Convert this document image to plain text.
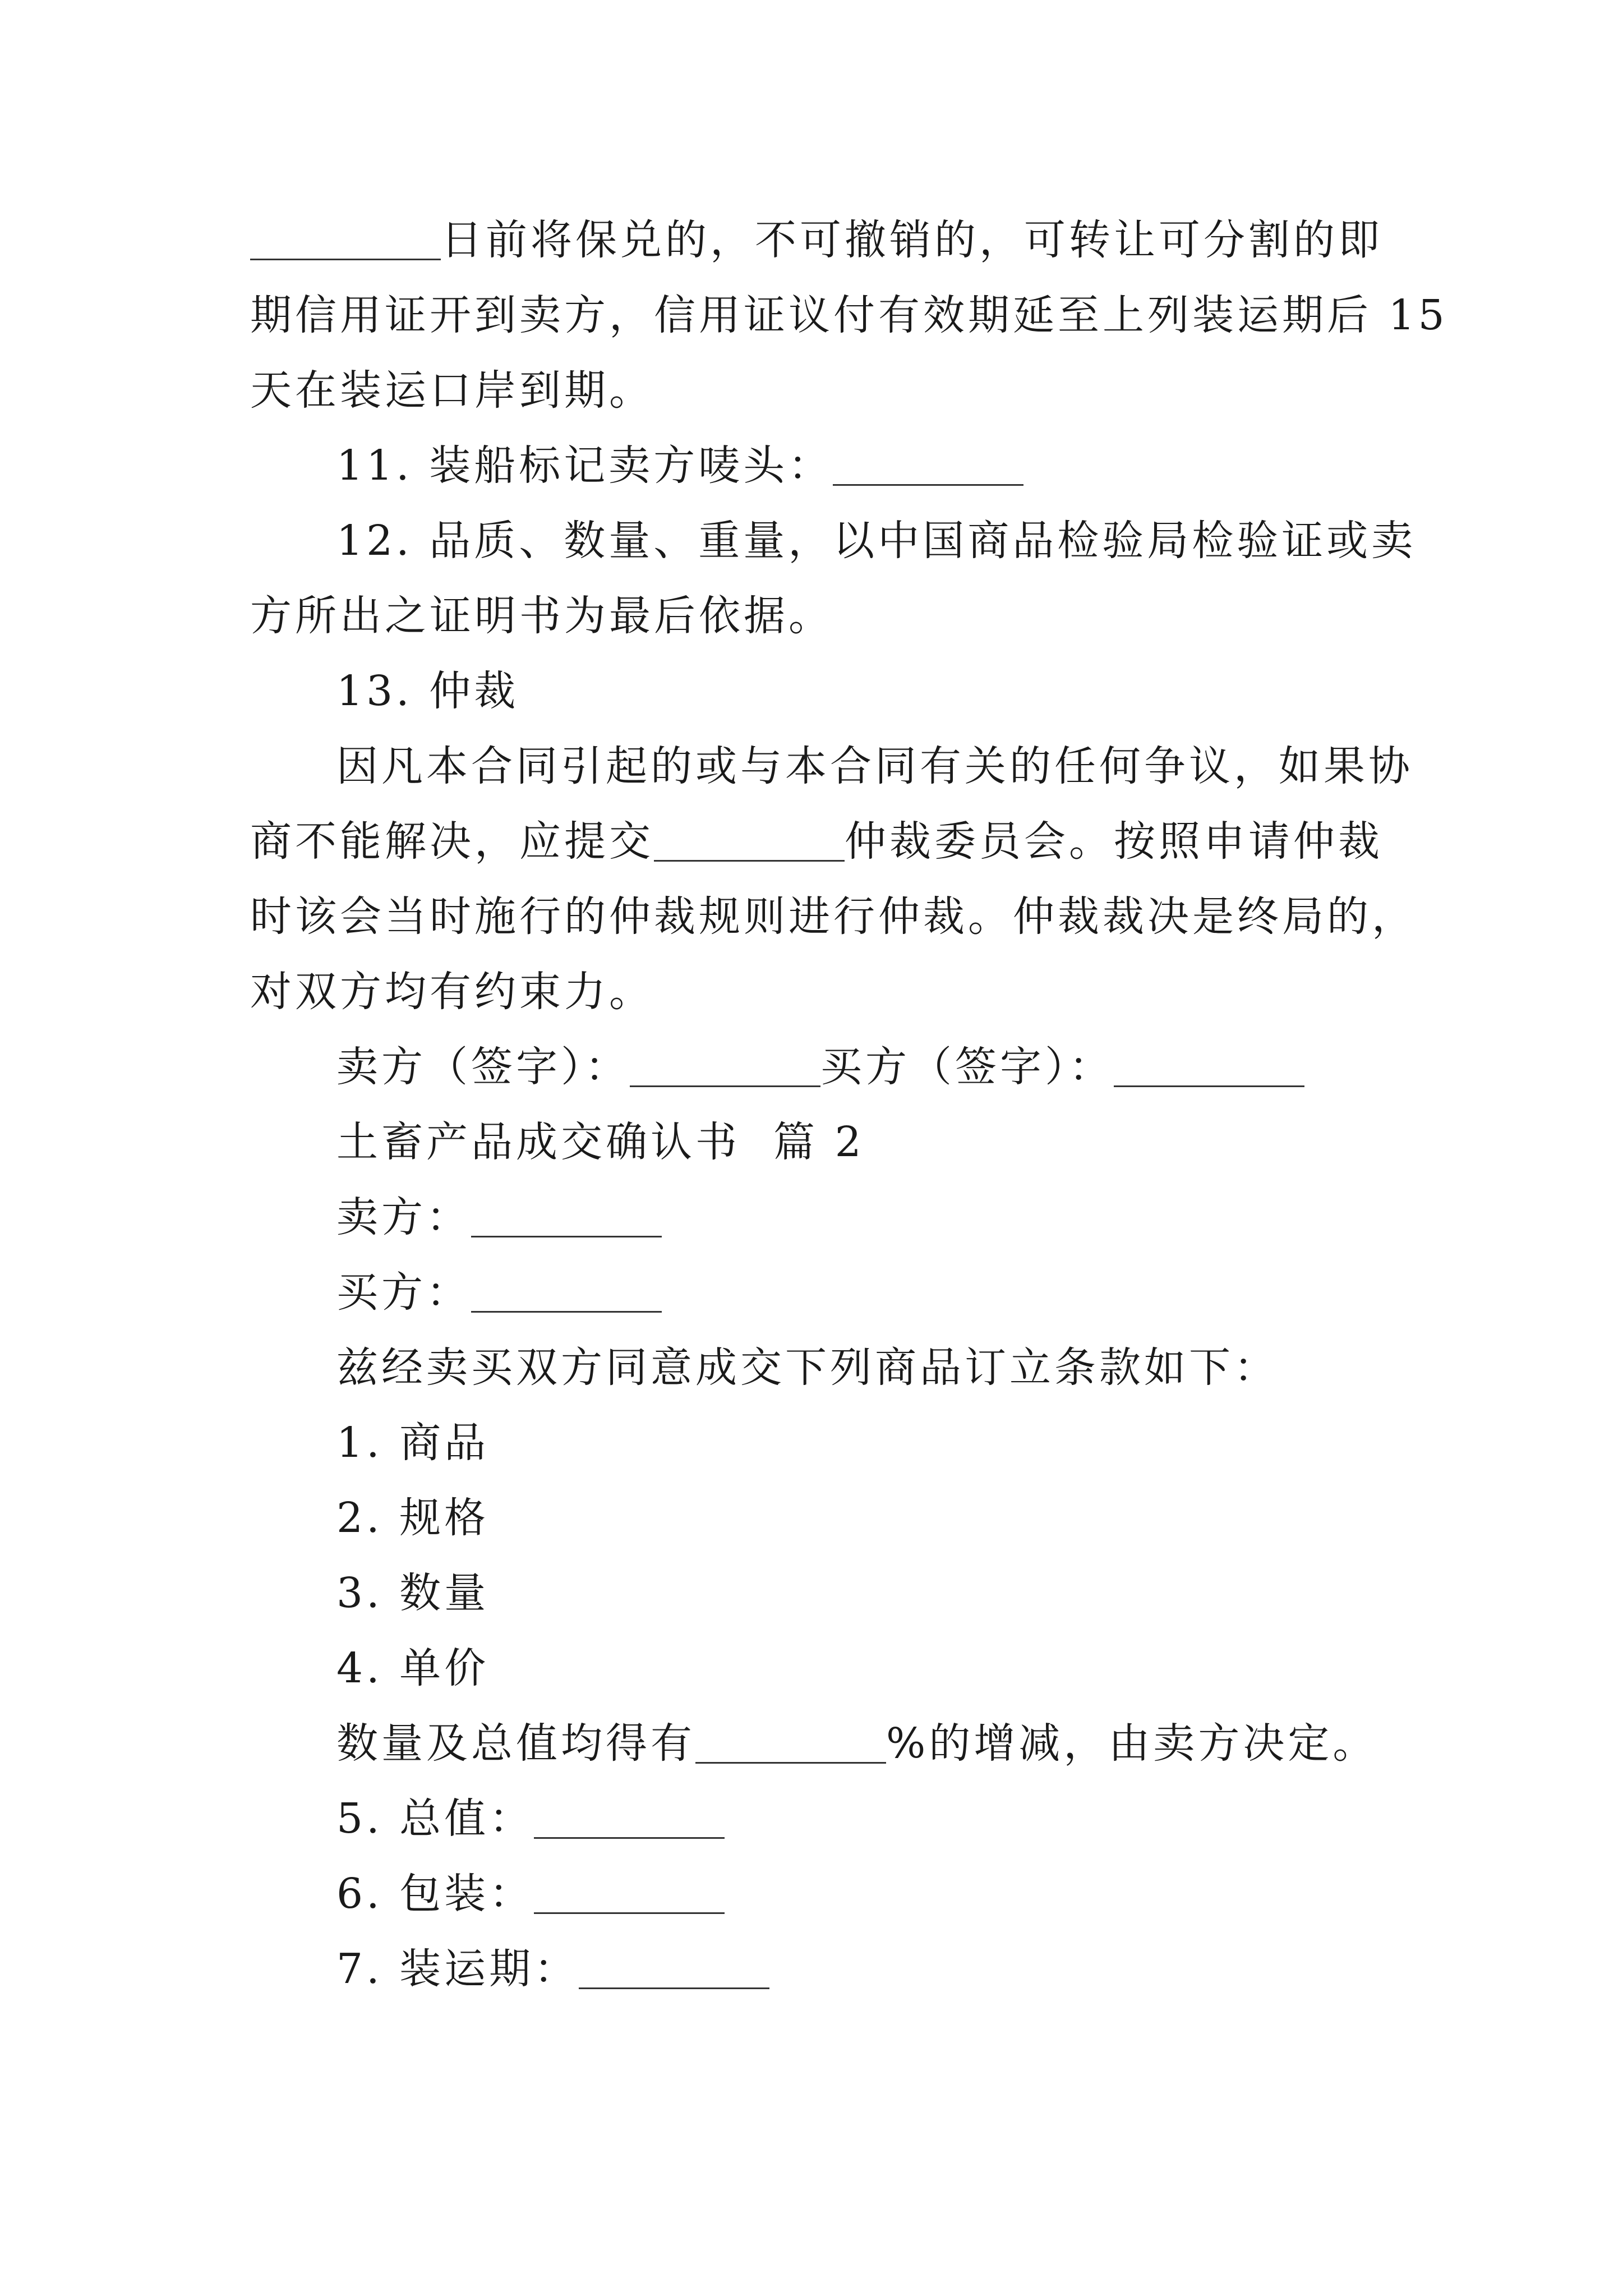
日前将保兑的，不可撤销的，可转让可分割的即
期信用证开到卖方，信用证议付有效期延至上列装运期后 15
天在装运口岸到期。
11. 装船标记卖方唛头：
12. 品质、数量、重量，以中国商品检验局检验证或卖
方所出之证明书为最后依据。
13. 仲裁
因凡本合同引起的或与本合同有关的任何争议，如果协
商不能解决，应提交	仲裁委员会。按照申请仲裁
时该会当时施行的仲裁规则进行仲裁。仲裁裁决是终局的，
对双方均有约束力。
卖方（签字）：	买方（签字）：
土畜产品成交确认书  篇 2
卖方：
买方：
兹经卖买双方同意成交下列商品订立条款如下：
1. 商品
2. 规格
3. 数量
4. 单价
数量及总值均得有	%的增减，由卖方决定。
5. 总值：
6. 包装：
7. 装运期：
